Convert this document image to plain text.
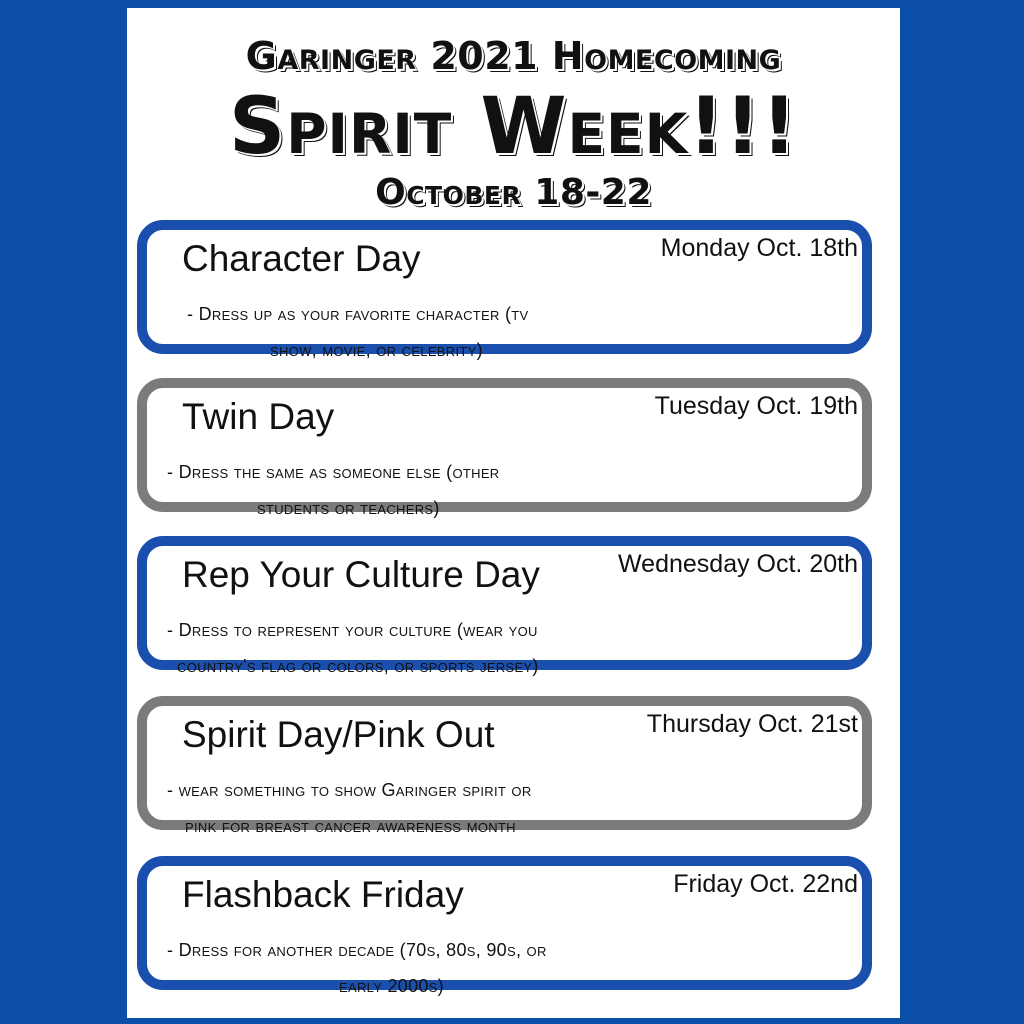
Garinger 2021 Homecoming
Spirit Week!!!
October 18-22
Character Day	Monday Oct. 18th
- Dress up as your favorite character (tv
show, movie, or celebrity)
Twin Day	Tuesday Oct. 19th
- Dress the same as someone else (other
students or teachers)
Rep Your Culture Day	Wednesday Oct. 20th
- Dress to represent your culture (wear you
country's flag or colors, or sports jersey)
Spirit Day/Pink Out	Thursday Oct. 21st
- wear something to show Garinger spirit or
pink for breast cancer awareness month
Flashback Friday	Friday Oct. 22nd
- Dress for another decade (70s, 80s, 90s, or
early 2000s)
